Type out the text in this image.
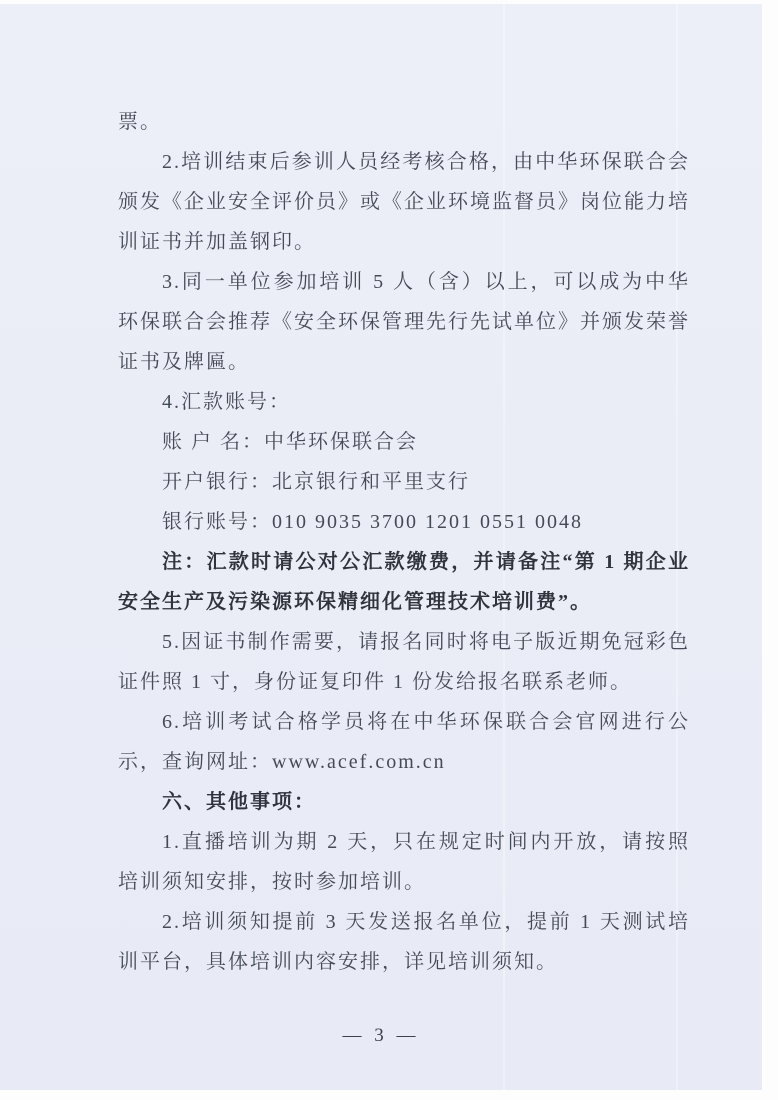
票。

2.培训结束后参训人员经考核合格，由中华环保联合会颁发《企业安全评价员》或《企业环境监督员》岗位能力培训证书并加盖钢印。

3.同一单位参加培训 5 人（含）以上，可以成为中华环保联合会推荐《安全环保管理先行先试单位》并颁发荣誉证书及牌匾。

4.汇款账号：

账 户 名：中华环保联合会

开户银行：北京银行和平里支行

银行账号：010 9035 3700 1201 0551 0048

注：汇款时请公对公汇款缴费，并请备注“第 1 期企业安全生产及污染源环保精细化管理技术培训费”。

5.因证书制作需要，请报名同时将电子版近期免冠彩色证件照 1 寸，身份证复印件 1 份发给报名联系老师。

6.培训考试合格学员将在中华环保联合会官网进行公示，查询网址：www.acef.com.cn

六、其他事项：

1.直播培训为期 2 天，只在规定时间内开放，请按照培训须知安排，按时参加培训。

2.培训须知提前 3 天发送报名单位，提前 1 天测试培训平台，具体培训内容安排，详见培训须知。

— 3 —
